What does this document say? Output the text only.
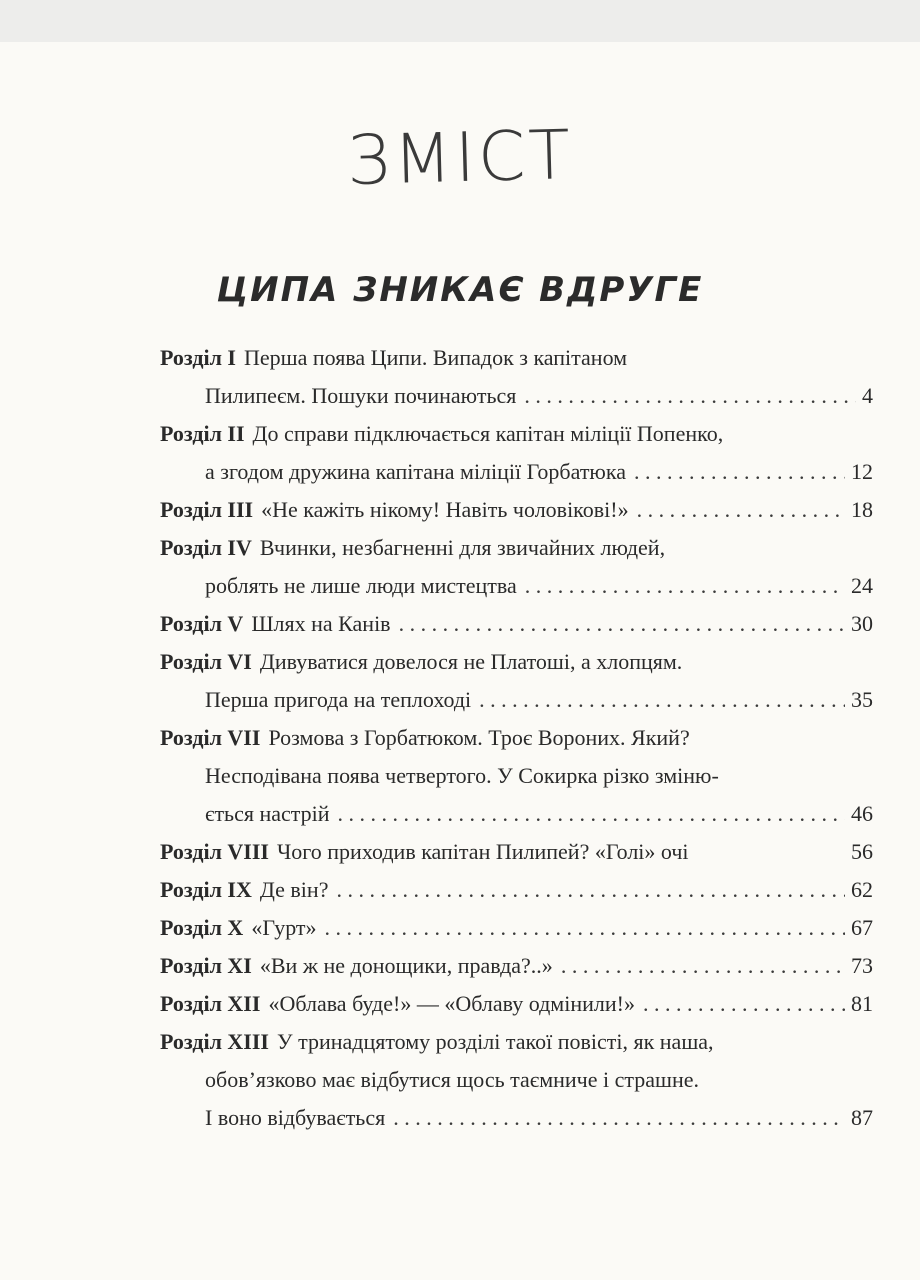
ЗМІСТ
ЦИПА ЗНИКАЄ ВДРУГЕ
Розділ I Перша поява Ципи. Випадок з капітаном
Пилипеєм. Пошуки починаються . . .	4
Розділ II До справи підключається капітан міліції Попенко,
а згодом дружина капітана міліції Горбатюка . . .	12
Розділ III «Не кажіть нікому! Навіть чоловікові!» . . .	18
Розділ IV Вчинки, незбагненні для звичайних людей,
роблять не лише люди мистецтва . . .	24
Розділ V Шлях на Канів . . .	30
Розділ VI Дивуватися довелося не Платоші, а хлопцям.
Перша пригода на теплоході . . .	35
Розділ VII Розмова з Горбатюком. Троє Вороних. Який?
Несподівана поява четвертого. У Сокирка різко зміню-
ється настрій . . .	46
Розділ VIII Чого приходив капітан Пилипей? «Голі» очі	56
Розділ IX Де він? . . .	62
Розділ X «Гурт» . . .	67
Розділ XI «Ви ж не донощики, правда?..» . . .	73
Розділ XII «Облава буде!» — «Облаву одмінили!» . . .	81
Розділ XIII У тринадцятому розділі такої повісті, як наша,
обов’язково має відбутися щось таємниче і страшне.
І воно відбувається . . .	87
